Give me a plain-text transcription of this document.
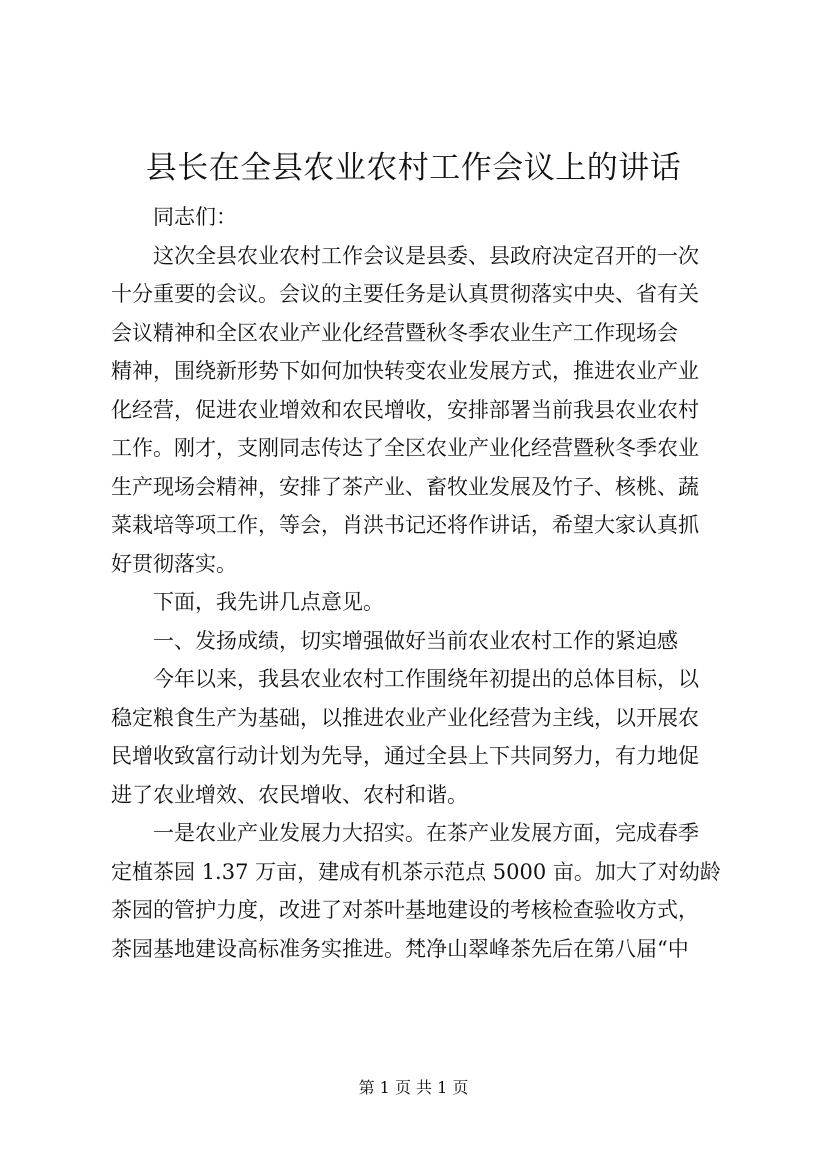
县长在全县农业农村工作会议上的讲话
同志们：
这次全县农业农村工作会议是县委、县政府决定召开的一次
十分重要的会议。会议的主要任务是认真贯彻落实中央、省有关
会议精神和全区农业产业化经营暨秋冬季农业生产工作现场会
精神，围绕新形势下如何加快转变农业发展方式，推进农业产业
化经营，促进农业增效和农民增收，安排部署当前我县农业农村
工作。刚才，支刚同志传达了全区农业产业化经营暨秋冬季农业
生产现场会精神，安排了茶产业、畜牧业发展及竹子、核桃、蔬
菜栽培等项工作，等会，肖洪书记还将作讲话，希望大家认真抓
好贯彻落实。
下面，我先讲几点意见。
一、发扬成绩，切实增强做好当前农业农村工作的紧迫感
今年以来，我县农业农村工作围绕年初提出的总体目标，以
稳定粮食生产为基础，以推进农业产业化经营为主线，以开展农
民增收致富行动计划为先导，通过全县上下共同努力，有力地促
进了农业增效、农民增收、农村和谐。
一是农业产业发展力大招实。在茶产业发展方面，完成春季
定植茶园 1.37 万亩，建成有机茶示范点 5000 亩。加大了对幼龄
茶园的管护力度，改进了对茶叶基地建设的考核检查验收方式，
茶园基地建设高标准务实推进。梵净山翠峰茶先后在第八届“中
第 1 页 共 1 页
